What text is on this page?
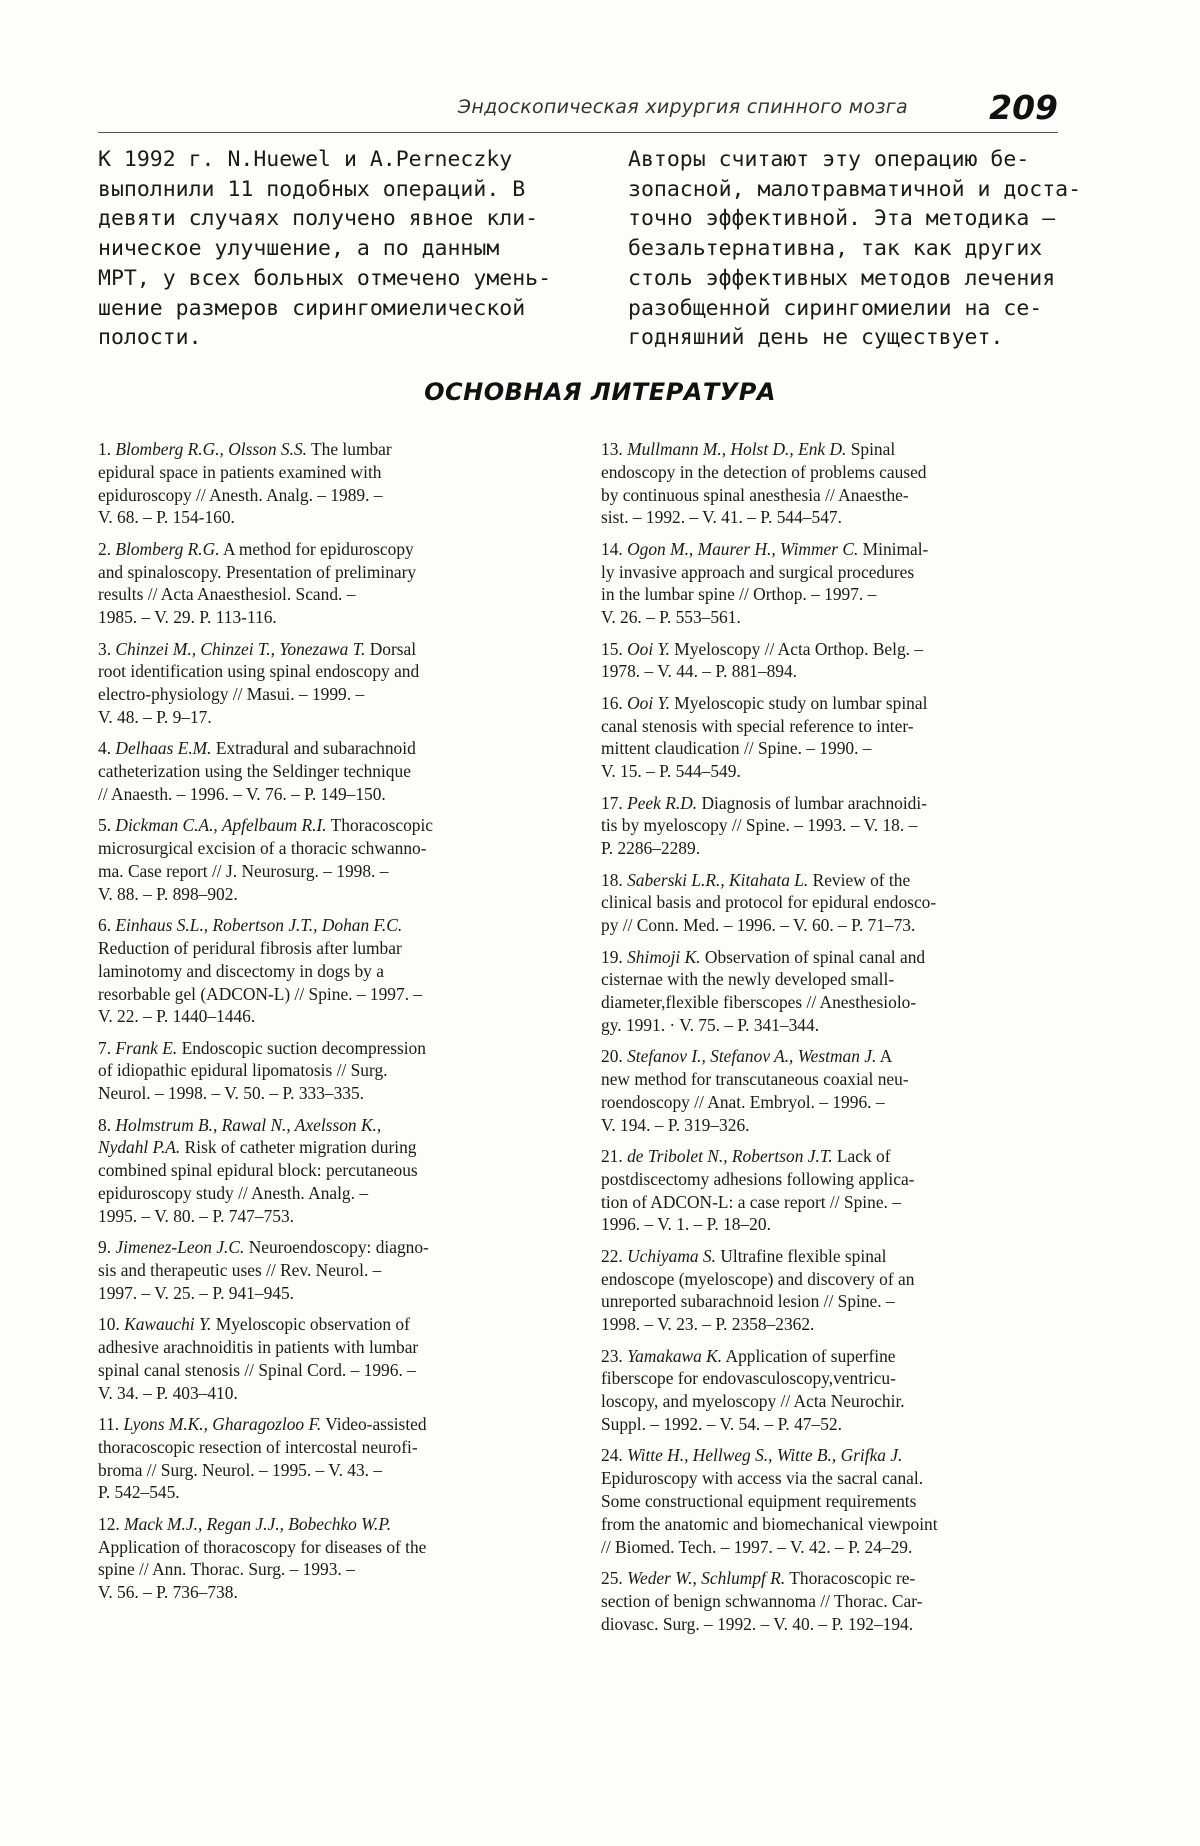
Эндоскопическая хирургия спинного мозга 209
К 1992 г. N.Huewel и A.Perneczky
выполнили 11 подобных операций. В
девяти случаях получено явное кли-
ническое улучшение, а по данным
МРТ, у всех больных отмечено умень-
шение размеров сирингомиелической
полости.
Авторы считают эту операцию бе-
зопасной, малотравматичной и доста-
точно эффективной. Эта методика –
безальтернативна, так как других
столь эффективных методов лечения
разобщенной сирингомиелии на се-
годняшний день не существует.
ОСНОВНАЯ ЛИТЕРАТУРА
1. Blomberg R.G., Olsson S.S. The lumbar
epidural space in patients examined with
epiduroscopy // Anesth. Analg. – 1989. –
V. 68. – P. 154-160.
2. Blomberg R.G. A method for epiduroscopy
and spinaloscopy. Presentation of preliminary
results // Acta Anaesthesiol. Scand. –
1985. – V. 29. P. 113-116.
3. Chinzei M., Chinzei T., Yonezawa T. Dorsal
root identification using spinal endoscopy and
electro-physiology // Masui. – 1999. –
V. 48. – P. 9–17.
4. Delhaas E.M. Extradural and subarachnoid
catheterization using the Seldinger technique
// Anaesth. – 1996. – V. 76. – P. 149–150.
5. Dickman C.A., Apfelbaum R.I. Thoracoscopic
microsurgical excision of a thoracic schwanno-
ma. Case report // J. Neurosurg. – 1998. –
V. 88. – P. 898–902.
6. Einhaus S.L., Robertson J.T., Dohan F.C.
Reduction of peridural fibrosis after lumbar
laminotomy and discectomy in dogs by a
resorbable gel (ADCON-L) // Spine. – 1997. –
V. 22. – P. 1440–1446.
7. Frank E. Endoscopic suction decompression
of idiopathic epidural lipomatosis // Surg.
Neurol. – 1998. – V. 50. – P. 333–335.
8. Holmstrum B., Rawal N., Axelsson K.,
Nydahl P.A. Risk of catheter migration during
combined spinal epidural block: percutaneous
epiduroscopy study // Anesth. Analg. –
1995. – V. 80. – P. 747–753.
9. Jimenez-Leon J.C. Neuroendoscopy: diagno-
sis and therapeutic uses // Rev. Neurol. –
1997. – V. 25. – P. 941–945.
10. Kawauchi Y. Myeloscopic observation of
adhesive arachnoiditis in patients with lumbar
spinal canal stenosis // Spinal Cord. – 1996. –
V. 34. – P. 403–410.
11. Lyons M.K., Gharagozloo F. Video-assisted
thoracoscopic resection of intercostal neurofi-
broma // Surg. Neurol. – 1995. – V. 43. –
P. 542–545.
12. Mack M.J., Regan J.J., Bobechko W.P.
Application of thoracoscopy for diseases of the
spine // Ann. Thorac. Surg. – 1993. –
V. 56. – P. 736–738.
13. Mullmann M., Holst D., Enk D. Spinal
endoscopy in the detection of problems caused
by continuous spinal anesthesia // Anaesthe-
sist. – 1992. – V. 41. – P. 544–547.
14. Ogon M., Maurer H., Wimmer C. Minimal-
ly invasive approach and surgical procedures
in the lumbar spine // Orthop. – 1997. –
V. 26. – P. 553–561.
15. Ooi Y. Myeloscopy // Acta Orthop. Belg. –
1978. – V. 44. – P. 881–894.
16. Ooi Y. Myeloscopic study on lumbar spinal
canal stenosis with special reference to inter-
mittent claudication // Spine. – 1990. –
V. 15. – P. 544–549.
17. Peek R.D. Diagnosis of lumbar arachnoidi-
tis by myeloscopy // Spine. – 1993. – V. 18. –
P. 2286–2289.
18. Saberski L.R., Kitahata L. Review of the
clinical basis and protocol for epidural endosco-
py // Conn. Med. – 1996. – V. 60. – P. 71–73.
19. Shimoji K. Observation of spinal canal and
cisternae with the newly developed small-
diameter,flexible fiberscopes // Anesthesiolo-
gy. 1991. · V. 75. – P. 341–344.
20. Stefanov I., Stefanov A., Westman J. A
new method for transcutaneous coaxial neu-
roendoscopy // Anat. Embryol. – 1996. –
V. 194. – P. 319–326.
21. de Tribolet N., Robertson J.T. Lack of
postdiscectomy adhesions following applica-
tion of ADCON-L: a case report // Spine. –
1996. – V. 1. – P. 18–20.
22. Uchiyama S. Ultrafine flexible spinal
endoscope (myeloscope) and discovery of an
unreported subarachnoid lesion // Spine. –
1998. – V. 23. – P. 2358–2362.
23. Yamakawa K. Application of superfine
fiberscope for endovasculoscopy,ventricu-
loscopy, and myeloscopy // Acta Neurochir.
Suppl. – 1992. – V. 54. – P. 47–52.
24. Witte H., Hellweg S., Witte B., Grifka J.
Epiduroscopy with access via the sacral canal.
Some constructional equipment requirements
from the anatomic and biomechanical viewpoint
// Biomed. Tech. – 1997. – V. 42. – P. 24–29.
25. Weder W., Schlumpf R. Thoracoscopic re-
section of benign schwannoma // Thorac. Car-
diovasc. Surg. – 1992. – V. 40. – P. 192–194.
